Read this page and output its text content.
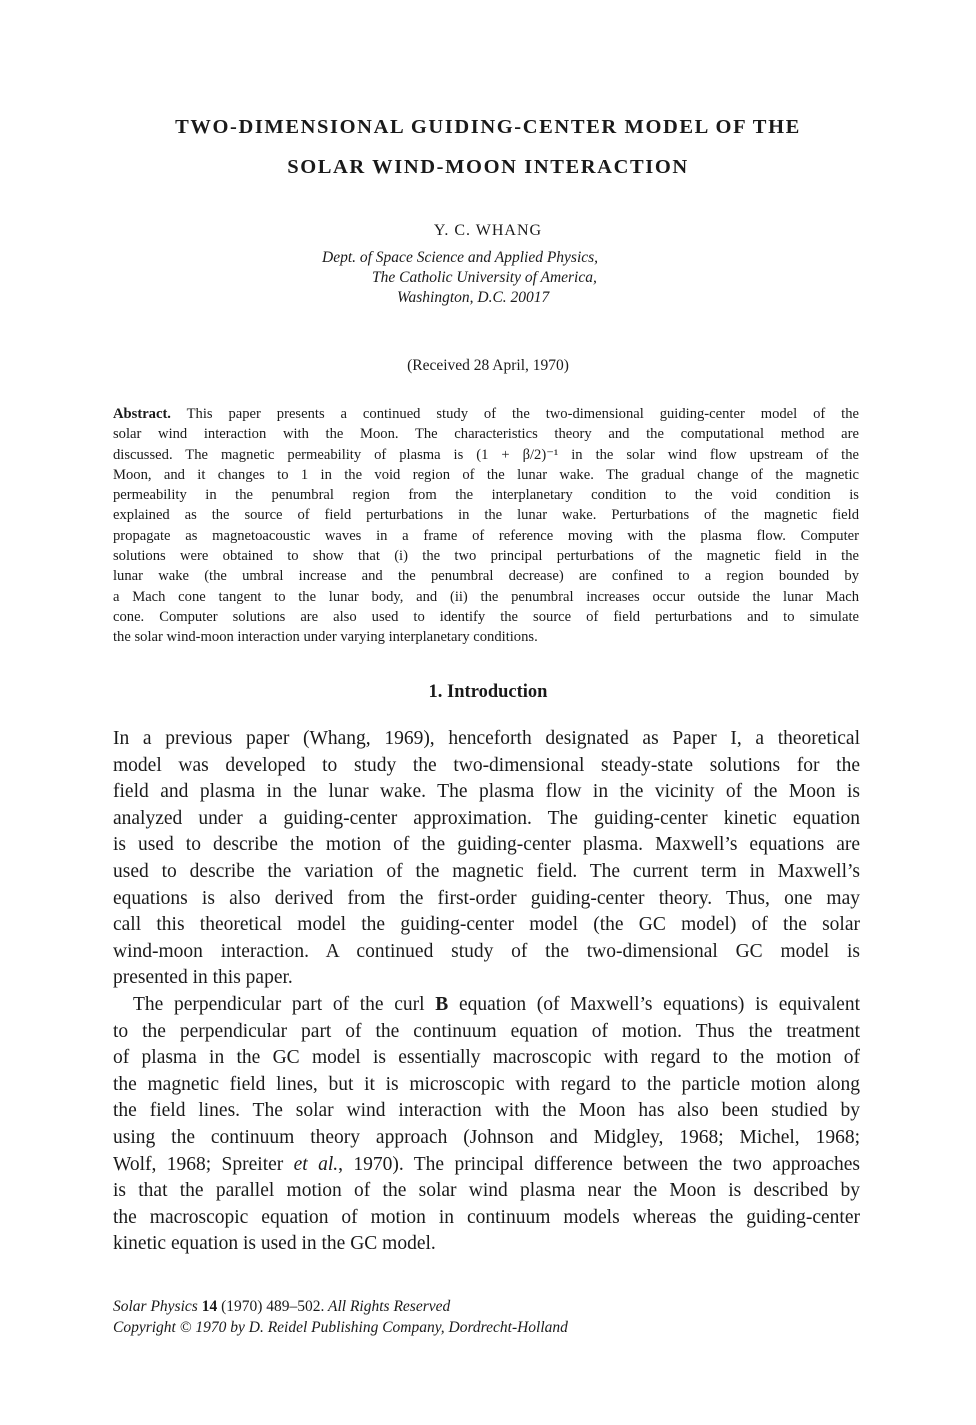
TWO-DIMENSIONAL GUIDING-CENTER MODEL OF THE
SOLAR WIND-MOON INTERACTION
Y. C. WHANG
Dept. of Space Science and Applied Physics,
The Catholic University of America,
Washington, D.C. 20017
(Received 28 April, 1970)
Abstract. This paper presents a continued study of the two-dimensional guiding-center model of the
solar wind interaction with the Moon. The characteristics theory and the computational method are
discussed. The magnetic permeability of plasma is (1 + β/2)⁻¹ in the solar wind flow upstream of the
Moon, and it changes to 1 in the void region of the lunar wake. The gradual change of the magnetic
permeability in the penumbral region from the interplanetary condition to the void condition is
explained as the source of field perturbations in the lunar wake. Perturbations of the magnetic field
propagate as magnetoacoustic waves in a frame of reference moving with the plasma flow. Computer
solutions were obtained to show that (i) the two principal perturbations of the magnetic field in the
lunar wake (the umbral increase and the penumbral decrease) are confined to a region bounded by
a Mach cone tangent to the lunar body, and (ii) the penumbral increases occur outside the lunar Mach
cone. Computer solutions are also used to identify the source of field perturbations and to simulate
the solar wind-moon interaction under varying interplanetary conditions.
1. Introduction
In a previous paper (Whang, 1969), henceforth designated as Paper I, a theoretical
model was developed to study the two-dimensional steady-state solutions for the
field and plasma in the lunar wake. The plasma flow in the vicinity of the Moon is
analyzed under a guiding-center approximation. The guiding-center kinetic equation
is used to describe the motion of the guiding-center plasma. Maxwell’s equations are
used to describe the variation of the magnetic field. The current term in Maxwell’s
equations is also derived from the first-order guiding-center theory. Thus, one may
call this theoretical model the guiding-center model (the GC model) of the solar
wind-moon interaction. A continued study of the two-dimensional GC model is
presented in this paper.
The perpendicular part of the curl B equation (of Maxwell’s equations) is equivalent
to the perpendicular part of the continuum equation of motion. Thus the treatment
of plasma in the GC model is essentially macroscopic with regard to the motion of
the magnetic field lines, but it is microscopic with regard to the particle motion along
the field lines. The solar wind interaction with the Moon has also been studied by
using the continuum theory approach (Johnson and Midgley, 1968; Michel, 1968;
Wolf, 1968; Spreiter et al., 1970). The principal difference between the two approaches
is that the parallel motion of the solar wind plasma near the Moon is described by
the macroscopic equation of motion in continuum models whereas the guiding-center
kinetic equation is used in the GC model.
Solar Physics 14 (1970) 489–502. All Rights Reserved
Copyright © 1970 by D. Reidel Publishing Company, Dordrecht-Holland
